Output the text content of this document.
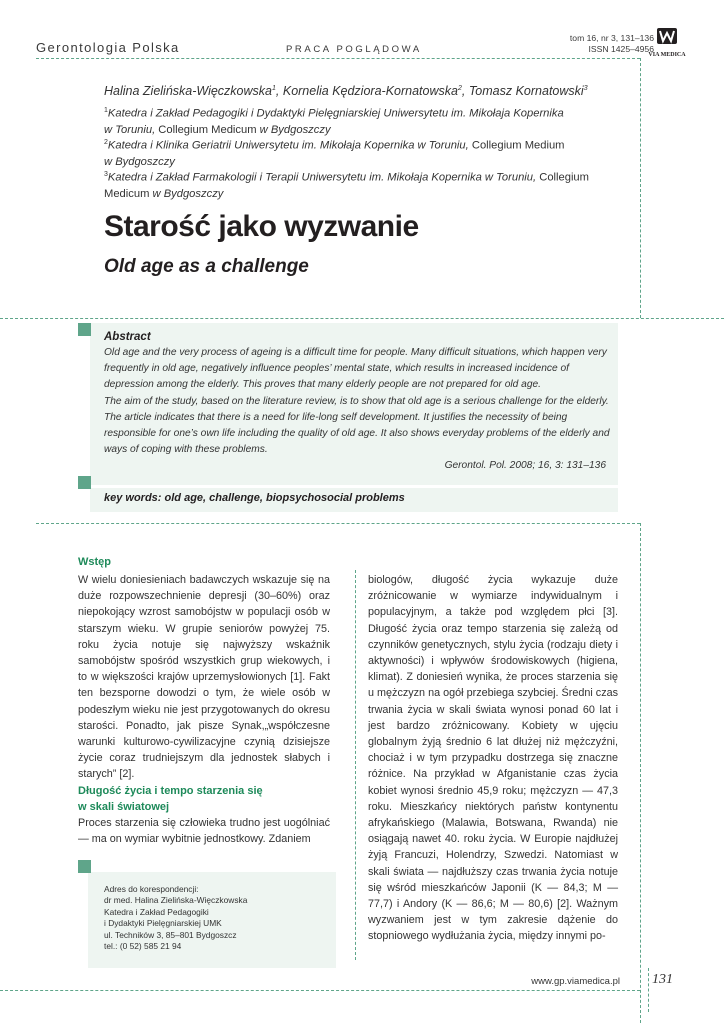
Gerontologia Polska	PRACA POGLĄDOWA
tom 16, nr 3, 131–136
ISSN 1425–4956
VIA MEDICA
Halina Zielińska-Więczkowska$^1$, Kornelia Kędziora-Kornatowska$^2$, Tomasz Kornatowski$^3$
$^1$Katedra i Zakład Pedagogiki i Dydaktyki Pielęgniarskiej Uniwersytetu im. Mikołaja Kopernika
w Toruniu, Collegium Medicum w Bydgoszczy
$^2$Katedra i Klinika Geriatrii Uniwersytetu im. Mikołaja Kopernika w Toruniu, Collegium Medium
w Bydgoszczy
$^3$Katedra i Zakład Farmakologii i Terapii Uniwersytetu im. Mikołaja Kopernika w Toruniu, Collegium
Medicum w Bydgoszczy
Starość jako wyzwanie
Old age as a challenge
Abstract

Old age and the very process of ageing is a difficult time for people. Many difficult situations, which happen very frequently in old age, negatively influence peoples’ mental state, which results in increased incidence of depression among the elderly. This proves that many elderly people are not prepared for old age.

The aim of the study, based on the literature review, is to show that old age is a serious challenge for the elderly. The article indicates that there is a need for life-long self development. It justifies the necessity of being responsible for one’s own life including the quality of old age. It also shows everyday problems of the elderly and ways of coping with these problems.

Gerontol. Pol. 2008; 16, 3: 131–136
key words: old age, challenge, biopsychosocial problems
Wstęp

W wielu doniesieniach badawczych wskazuje się na duże rozpowszechnienie depresji (30–60%) oraz niepokojący wzrost samobójstw w populacji osób w starszym wieku. W grupie seniorów powyżej 75. roku życia notuje się najwyższy wskaźnik samobójstw spośród wszystkich grup wiekowych, i to w większości krajów uprzemysłowionych [1]. Fakt ten bezsporne dowodzi o tym, że wiele osób w podeszłym wieku nie jest przygotowanych do okresu starości. Ponadto, jak pisze Synak,„współczesne warunki kulturowo-cywilizacyjne czynią dzisiejsze życie coraz trudniejszym dla jednostek słabych i starych” [2].

Długość życia i tempo starzenia się
w skali światowej

Proces starzenia się człowieka trudno jest uogólniać — ma on wymiar wybitnie jednostkowy. Zdaniem

Adres do korespondencji:
dr med. Halina Zielińska-Więczkowska
Katedra i Zakład Pedagogiki
i Dydaktyki Pielęgniarskiej UMK
ul. Techników 3, 85–801 Bydgoszcz
tel.: (0 52) 585 21 94

biologów, długość życia wykazuje duże zróżnicowanie w wymiarze indywidualnym i populacyjnym, a także pod względem płci [3]. Długość życia oraz tempo starzenia się zależą od czynników genetycznych, stylu życia (rodzaju diety i aktywności) i wpływów środowiskowych (higiena, klimat). Z doniesień wynika, że proces starzenia się u mężczyzn na ogół przebiega szybciej. Średni czas trwania życia w skali świata wynosi ponad 60 lat i jest bardzo zróżnicowany. Kobiety w ujęciu globalnym żyją średnio 6 lat dłużej niż mężczyźni, chociaż i w tym przypadku dostrzega się znaczne różnice. Na przykład w Afganistanie czas życia kobiet wynosi średnio 45,9 roku; mężczyzn — 47,3 roku. Mieszkańcy niektórych państw kontynentu afrykańskiego (Malawia, Botswana, Rwanda) nie osiągają nawet 40. roku życia. W Europie najdłużej żyją Francuzi, Holendrzy, Szwedzi. Natomiast w skali świata — najdłuższy czas trwania życia notuje się wśród mieszkańców Japonii (K — 84,3; M — 77,7) i Andory (K — 86,6; M — 80,6) [2]. Ważnym wyzwaniem jest w tym zakresie dążenie do stopniowego wydłużania życia, między innymi po-

www.gp.viamedica.pl 131
